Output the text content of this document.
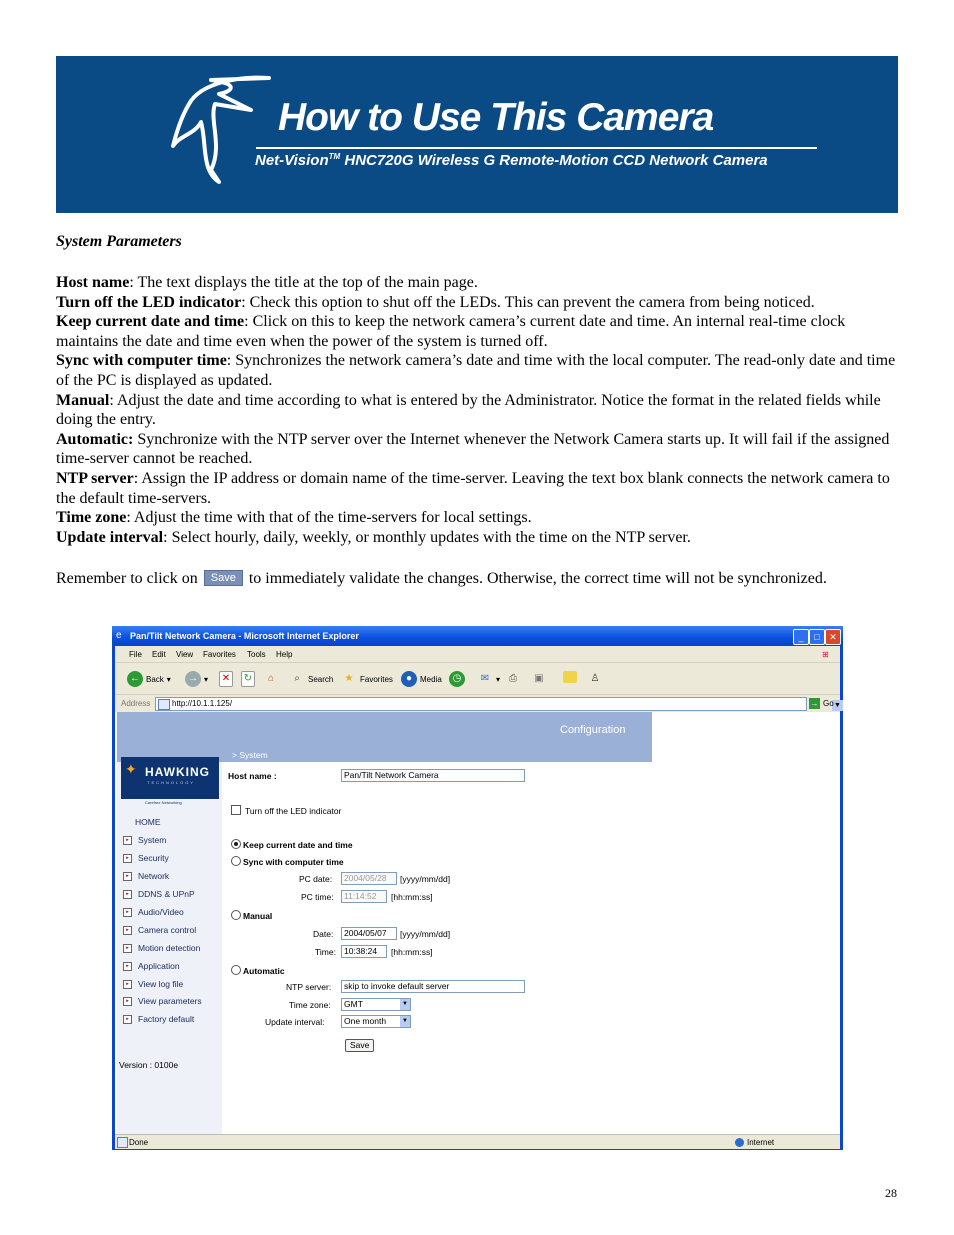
How to Use This Camera
Net-Vision™ HNC720G Wireless G Remote-Motion CCD Network Camera
System Parameters

Host name: The text displays the title at the top of the main page.

Turn off the LED indicator: Check this option to shut off the LEDs. This can prevent the camera from being noticed.

Keep current date and time: Click on this to keep the network camera’s current date and time. An internal real-time clock maintains the date and time even when the power of the system is turned off.

Sync with computer time: Synchronizes the network camera’s date and time with the local computer. The read-only date and time of the PC is displayed as updated.

Manual: Adjust the date and time according to what is entered by the Administrator. Notice the format in the related fields while doing the entry.

Automatic: Synchronize with the NTP server over the Internet whenever the Network Camera starts up. It will fail if the assigned time-server cannot be reached.

NTP server: Assign the IP address or domain name of the time-server. Leaving the text box blank connects the network camera to the default time-servers.

Time zone: Adjust the time with that of the time-servers for local settings.

Update interval: Select hourly, daily, weekly, or monthly updates with the time on the NTP server.

Remember to click on Save to immediately validate the changes. Otherwise, the correct time will not be synchronized.
e Pan/Tilt Network Camera - Microsoft Internet Explorer	_	□	✕
File Edit View Favorites Tools Help	⊞
← Back ▾	→ ▾ ✕ ↻	⌂	⌕	Search	★ Favorites	● Media	◷	✉ ▾ ⎙	▣	♙
Address	http://10.1.1.125/	▼
→ Go
Configuration
✦ HAWKING
TECHNOLOGY
Carefree Networking
HOME
▸	System
▸	Security
▸	Network
▸	DDNS & UPnP
▸	Audio/Video
▸	Camera control
▸	Motion detection
▸	Application
▸	View log file
▸	View parameters
▸	Factory default
Version : 0100e
> System
Host name :	Pan/Tilt Network Camera
Turn off the LED indicator
Keep current date and time
Sync with computer time
PC date:	2004/05/28	[yyyy/mm/dd]
PC time:	11:14:52	[hh:mm:ss]
Manual
Date:	2004/05/07	[yyyy/mm/dd]
Time: 10:38:24	[hh:mm:ss]
Automatic
NTP server:	skip to invoke default server
Time zone:	GMT	▼
Update interval:	One month	▼
Save
Done	Internet
28
